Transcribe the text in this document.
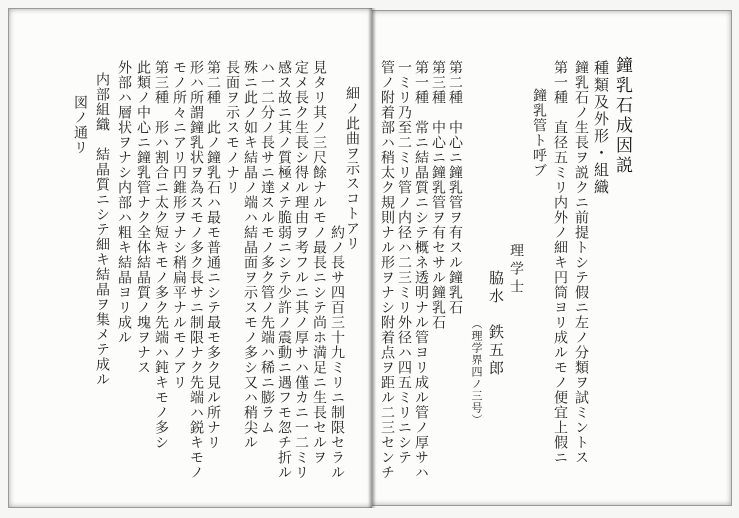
鐘乳石成因説
種類及外形・組織
鐘乳石ノ生長ヲ説クニ前提トシテ假ニ左ノ分類ヲ試ミントス
第一種　直径五ミリ内外ノ細キ円筒ヨリ成ルモノ便宜上假ニ
鐘乳管ト呼ブ
理学士
脇水　鉄五郎
（理学界四ノ三号）
第二種　中心ニ鐘乳管ヲ有スル鐘乳石
第三種　中心ニ鐘乳管ヲ有セサル鐘乳石
第一種　常ニ結晶質ニシテ概ネ透明ナル管ヨリ成ル管ノ厚サハ
一ミリ乃至二ミリ管ノ内径ハ二三ミリ外径ハ四五ミリニシテ
管ノ附着部ハ稍太ク規則ナル形ヲナシ附着点ヲ距ル二三センチ
細ノ此曲ヲ示スコトアリ
約ノ長サ四百三十九ミリニ制限セラル
見タリ其ノ三尺餘ナルモノ最長ニシテ尚ホ満足ニ生長セルヲ
定メ長ク生長シ得ル理由ヲ考フルニ其ノ厚サハ僅カニ一二ミリ
感ス故ニ其ノ質極メテ脆弱ニシテ少許ノ震動ニ遇フモ忽チ折ル
ハ一二分ノ長サニ達スルモノ多ク管ノ先端ハ稀ニ膨ラム
殊ニ此ノ如キ結晶ノ端ハ結晶面ヲ示スモノ多シ又ハ稍尖ル
長面ヲ示スモノナリ
第二種　此ノ鐘乳石ハ最モ普通ニシテ最モ多ク見ル所ナリ
形ハ所謂鐘乳状ヲ為スモノ多ク長サニ制限ナク先端ハ鋭キモノ
モノ所々ニアリ円錐形ヲナシ稍扁平ナルモノアリ
第三種　形ハ割合ニ太ク短キモノ多ク先端ハ鈍キモノ多シ
此類ノ中心ニ鐘乳管ナク全体結晶質ノ塊ヲナス
外部ハ層状ヲナシ内部ハ粗キ結晶ヨリ成ル
内部組織　結晶質ニシテ細キ結晶ヲ集メテ成ル
図ノ通リ
